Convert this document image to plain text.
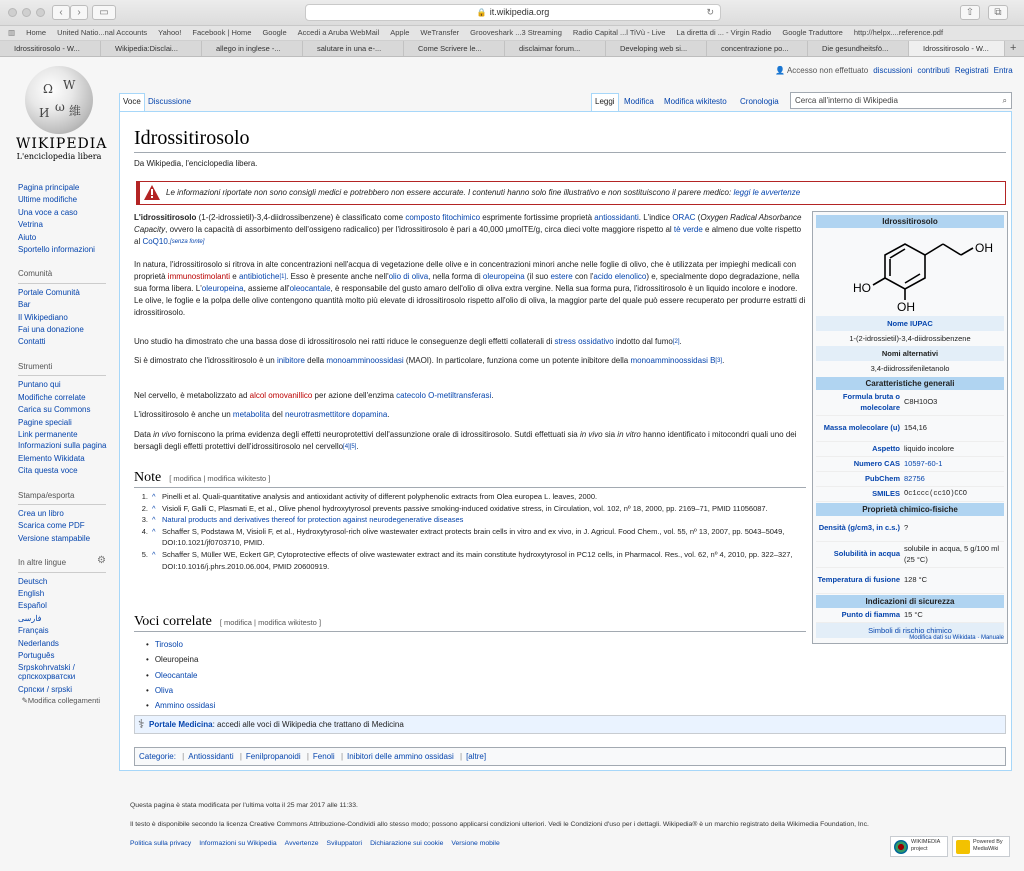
‹	›	▭	🔒 it.wikipedia.org	↻	⇧	⧉
▥ Home United Natio...nal Accounts Yahoo! Facebook | Home Google Accedi a Aruba WebMail Apple WeTransfer Grooveshark ...3 Streaming Radio Capital ...l TiVù - Live La diretta di ... - Virgin Radio Google Traduttore http://helpx....reference.pdf
Idrossitirosolo - W...	Wikipedia:Disclai...	allego in inglese -...	salutare in una e-...	Come Scrivere le...	disclaimar forum...	Developing web si...	concentrazione po...	Die gesundheitsfö...	Idrossitirosolo - W...	+
Ω W
ω
И 維
WIKIPEDIA
L'enciclopedia libera
Pagina principale
Ultime modifiche
Una voce a caso
Vetrina
Aiuto
Sportello informazioni
Comunità
Portale Comunità
Bar
Il Wikipediano
Fai una donazione
Contatti
Strumenti
Puntano qui
Modifiche correlate
Carica su Commons
Pagine speciali
Link permanente
Informazioni sulla pagina
Elemento Wikidata
Cita questa voce
Stampa/esporta
Crea un libro
Scarica come PDF
Versione stampabile
In altre lingue	⚙
Deutsch
English
Español
فارسی
Français
Nederlands
Português
Srpskohrvatski / српскохрватски
Српски / srpski
✎Modifica collegamenti
👤 Accesso non effettuato discussioni contributi Registrati Entra
Voce Discussione	Leggi	Modifica	Modifica wikitesto	Cronologia	Cerca all'interno di Wikipedia	⌕
Idrossitirosolo
Da Wikipedia, l'enciclopedia libera.
Le informazioni riportate non sono consigli medici e potrebbero non essere accurate. I contenuti hanno solo fine illustrativo e non sostituiscono il parere medico: leggi le avvertenze
L'idrossitirosolo (1-(2-idrossietil)-3,4-diidrossibenzene) è classificato come composto fitochimico esprimente fortissime proprietà antiossidanti. L'indice ORAC (Oxygen Radical Absorbance Capacity, ovvero la capacità di assorbimento dell'ossigeno radicalico) per l'idrossitirosolo è pari a 40,000 µmolTE/g, circa dieci volte maggiore rispetto al tè verde e almeno due volte rispetto al CoQ10.[senza fonte]
In natura, l'idrossitirosolo si ritrova in alte concentrazioni nell'acqua di vegetazione delle olive e in concentrazioni minori anche nelle foglie di olivo, che è utilizzata per impieghi medicali con proprietà immunostimolanti e antibiotiche[1]. Esso è presente anche nell'olio di oliva, nella forma di oleuropeina (il suo estere con l'acido elenolico) e, specialmente dopo degradazione, nella sua forma libera. L'oleuropeina, assieme all'oleocantale, è responsabile del gusto amaro dell'olio di oliva extra vergine. Nella sua forma pura, l'idrossitirosolo è un liquido incolore e inodore. Le olive, le foglie e la polpa delle olive contengono quantità molto più elevate di idrossitirosolo rispetto all'olio di oliva, la maggior parte del quale può essere recuperato per produrre estratti di idrossitirosolo.
Uno studio ha dimostrato che una bassa dose di idrossitirosolo nei ratti riduce le conseguenze degli effetti collaterali di stress ossidativo indotto dal fumo[2].
Si è dimostrato che l'idrossitirosolo è un inibitore della monoamminoossidasi (MAOI). In particolare, funziona come un potente inibitore della monoamminoossidasi B[3].
Nel cervello, è metabolizzato ad alcol omovanillico per azione dell'enzima catecolo O-metiltransferasi.
L'idrossitirosolo è anche un metabolita del neurotrasmettitore dopamina.
Data in vivo forniscono la prima evidenza degli effetti neuroprotettivi dell'assunzione orale di idrossitirosolo. Sutdi effettuati sia in vivo sia in vitro hanno identificato i mitocondri quali uno dei bersagli degli effetti protettivi dell'idrossitirosolo nel cervello[4][5].
Note [ modifica | modifica wikitesto ]
1. ^ Pinelli et al. Quali-quantitative analysis and antioxidant activity of different polyphenolic extracts from Olea europea L. leaves, 2000.
2. ^ Visioli F, Galli C, Plasmati E, et al., Olive phenol hydroxytyrosol prevents passive smoking-induced oxidative stress, in Circulation, vol. 102, nº 18, 2000, pp. 2169–71, PMID 11056087.
3. ^ Natural products and derivatives thereof for protection against neurodegenerative diseases
4. ^ Schaffer S, Podstawa M, Visioli F, et al., Hydroxytyrosol-rich olive wastewater extract protects brain cells in vitro and ex vivo, in J. Agricul. Food Chem., vol. 55, nº 13, 2007, pp. 5043–5049, DOI:10.1021/jf0703710, PMID.
5. ^ Schaffer S, Müller WE, Eckert GP, Cytoprotective effects of olive wastewater extract and its main constitute hydroxytyrosol in PC12 cells, in Pharmacol. Res., vol. 62, nº 4, 2010, pp. 322–327, DOI:10.1016/j.phrs.2010.06.004, PMID 20600919.
Voci correlate [ modifica | modifica wikitesto ]
• Tirosolo
• Oleuropeina
• Oleocantale
• Oliva
• Ammino ossidasi
⚕ Portale Medicina: accedi alle voci di Wikipedia che trattano di Medicina
Categorie: | Antiossidanti | Fenilpropanoidi | Fenoli | Inibitori delle ammino ossidasi | [altre]
Idrossitirosolo
OH
HO
OH
Nome IUPAC
1-(2-idrossietil)-3,4-diidrossibenzene
Nomi alternativi
3,4-diidrossifeniletanolo
Caratteristiche generali
Formula bruta o molecolare
C8H10O3
Massa molecolare (u) 154,16
Aspetto liquido incolore
Numero CAS 10597-60-1
PubChem 82756
SMILES Oc1ccc(cc1O)CCO
Proprietà chimico-fisiche
Densità (g/cm3, in c.s.) ?
Solubilità in acqua
solubile in acqua, 5 g/100 ml (25 °C)
Temperatura di fusione 128 °C
Indicazioni di sicurezza
Punto di fiamma 15 °C
Simboli di rischio chimico
Modifica dati su Wikidata · Manuale
Questa pagina è stata modificata per l'ultima volta il 25 mar 2017 alle 11:33.
Il testo è disponibile secondo la licenza Creative Commons Attribuzione-Condividi allo stesso modo; possono applicarsi condizioni ulteriori. Vedi le Condizioni d'uso per i dettagli. Wikipedia® è un marchio registrato della Wikimedia Foundation, Inc.
Politica sulla privacy Informazioni su Wikipedia Avvertenze Sviluppatori Dichiarazione sui cookie Versione mobile	WIKIMEDIA project
Powered By MediaWiki
